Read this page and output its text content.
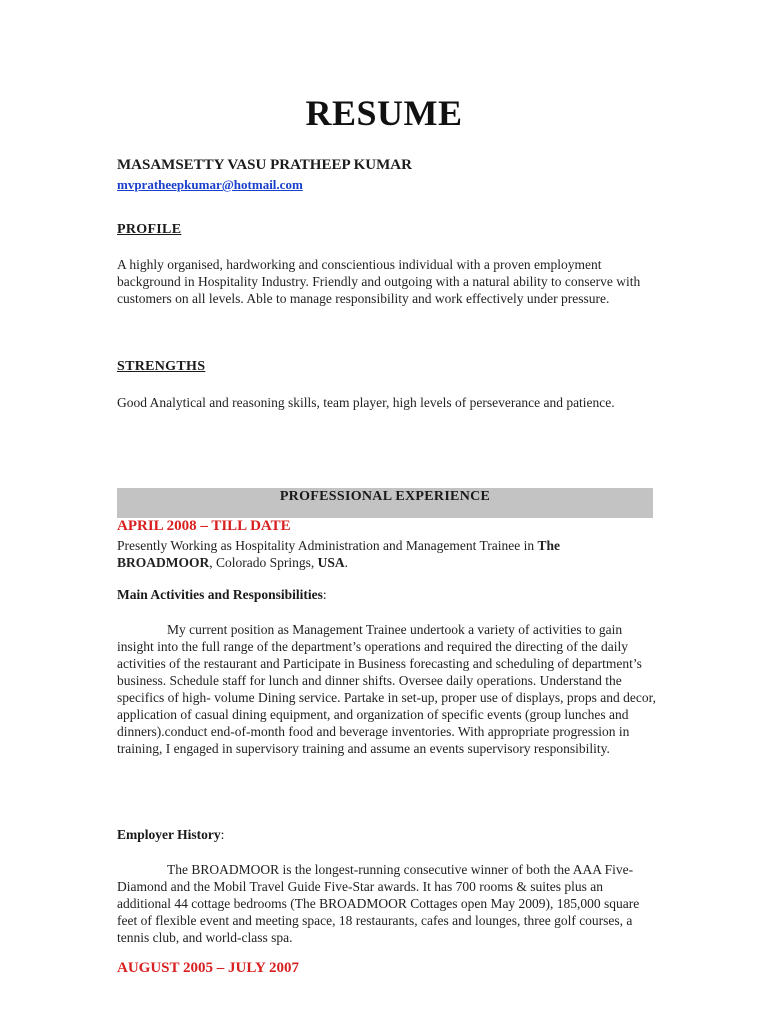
RESUME
MASAMSETTY VASU PRATHEEP KUMAR
mvpratheepkumar@hotmail.com
PROFILE
A highly organised, hardworking and conscientious individual with a proven employment background in Hospitality Industry. Friendly and outgoing with a natural ability to conserve with customers on all levels. Able to manage responsibility and work effectively under pressure.
STRENGTHS
Good Analytical and reasoning skills, team player, high levels of perseverance and patience.
PROFESSIONAL EXPERIENCE
APRIL 2008 – TILL DATE
Presently Working as Hospitality Administration and Management Trainee in The BROADMOOR, Colorado Springs, USA.
Main Activities and Responsibilities:
My current position as Management Trainee undertook a variety of activities to gain insight into the full range of the department’s operations and required the directing of the daily activities of the restaurant and Participate in Business forecasting and scheduling of department’s business. Schedule staff for lunch and dinner shifts. Oversee daily operations. Understand the specifics of high- volume Dining service. Partake in set-up, proper use of displays, props and decor, application of casual dining equipment, and organization of specific events (group lunches and dinners).conduct end-of-month food and beverage inventories. With appropriate progression in training, I engaged in supervisory training and assume an events supervisory responsibility.
Employer History:
The BROADMOOR is the longest-running consecutive winner of both the AAA Five-Diamond and the Mobil Travel Guide Five-Star awards. It has 700 rooms & suites plus an additional 44 cottage bedrooms (The BROADMOOR Cottages open May 2009), 185,000 square feet of flexible event and meeting space, 18 restaurants, cafes and lounges, three golf courses, a tennis club, and world-class spa.
AUGUST 2005 – JULY 2007
